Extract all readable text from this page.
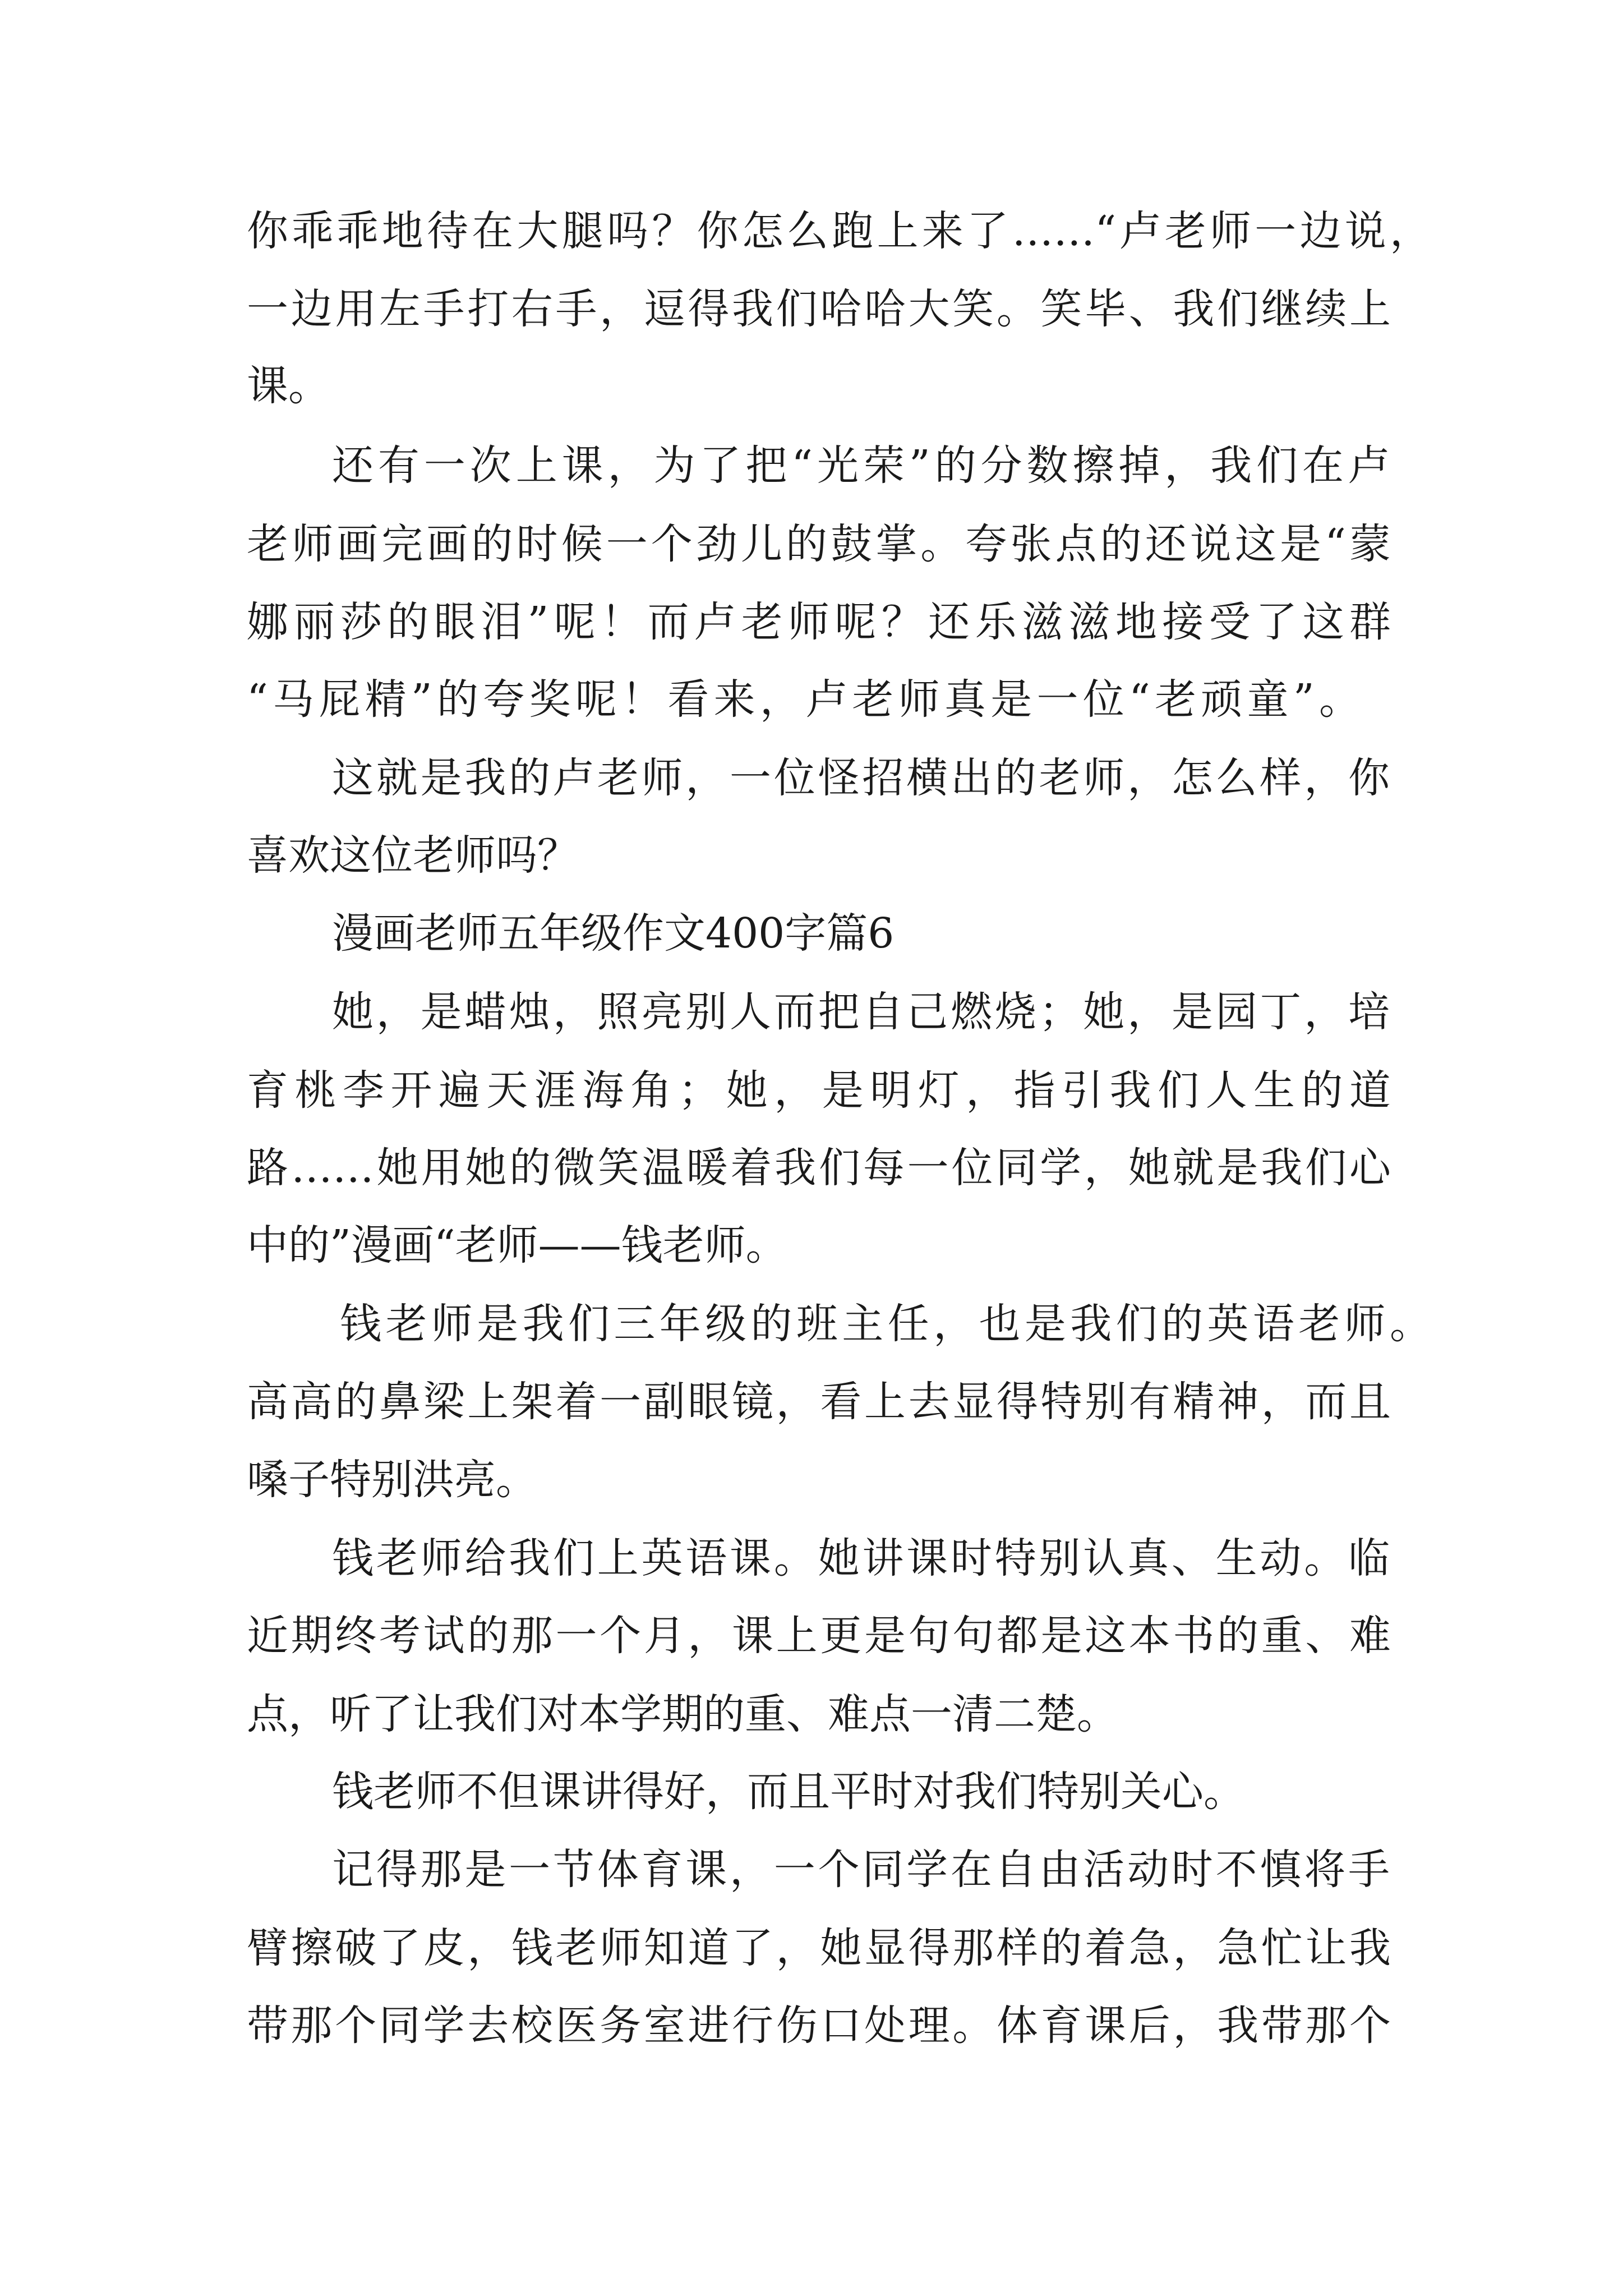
你乖乖地待在大腿吗？你怎么跑上来了……“卢老师一边说，
一边用左手打右手，逗得我们哈哈大笑。笑毕、我们继续上
课。
还有一次上课，为了把“光荣”的分数擦掉，我们在卢
老师画完画的时候一个劲儿的鼓掌。夸张点的还说这是“蒙
娜丽莎的眼泪”呢！而卢老师呢？还乐滋滋地接受了这群
“马屁精”的夸奖呢！看来，卢老师真是一位“老顽童”。
这就是我的卢老师，一位怪招横出的老师，怎么样，你
喜欢这位老师吗？
漫画老师五年级作文400字篇6
她，是蜡烛，照亮别人而把自己燃烧；她，是园丁，培
育桃李开遍天涯海角；她，是明灯，指引我们人生的道
路……她用她的微笑温暖着我们每一位同学，她就是我们心
中的”漫画“老师——钱老师。
钱老师是我们三年级的班主任，也是我们的英语老师。
高高的鼻梁上架着一副眼镜，看上去显得特别有精神，而且
嗓子特别洪亮。
钱老师给我们上英语课。她讲课时特别认真、生动。临
近期终考试的那一个月，课上更是句句都是这本书的重、难
点，听了让我们对本学期的重、难点一清二楚。
钱老师不但课讲得好，而且平时对我们特别关心。
记得那是一节体育课，一个同学在自由活动时不慎将手
臂擦破了皮，钱老师知道了，她显得那样的着急，急忙让我
带那个同学去校医务室进行伤口处理。体育课后，我带那个
